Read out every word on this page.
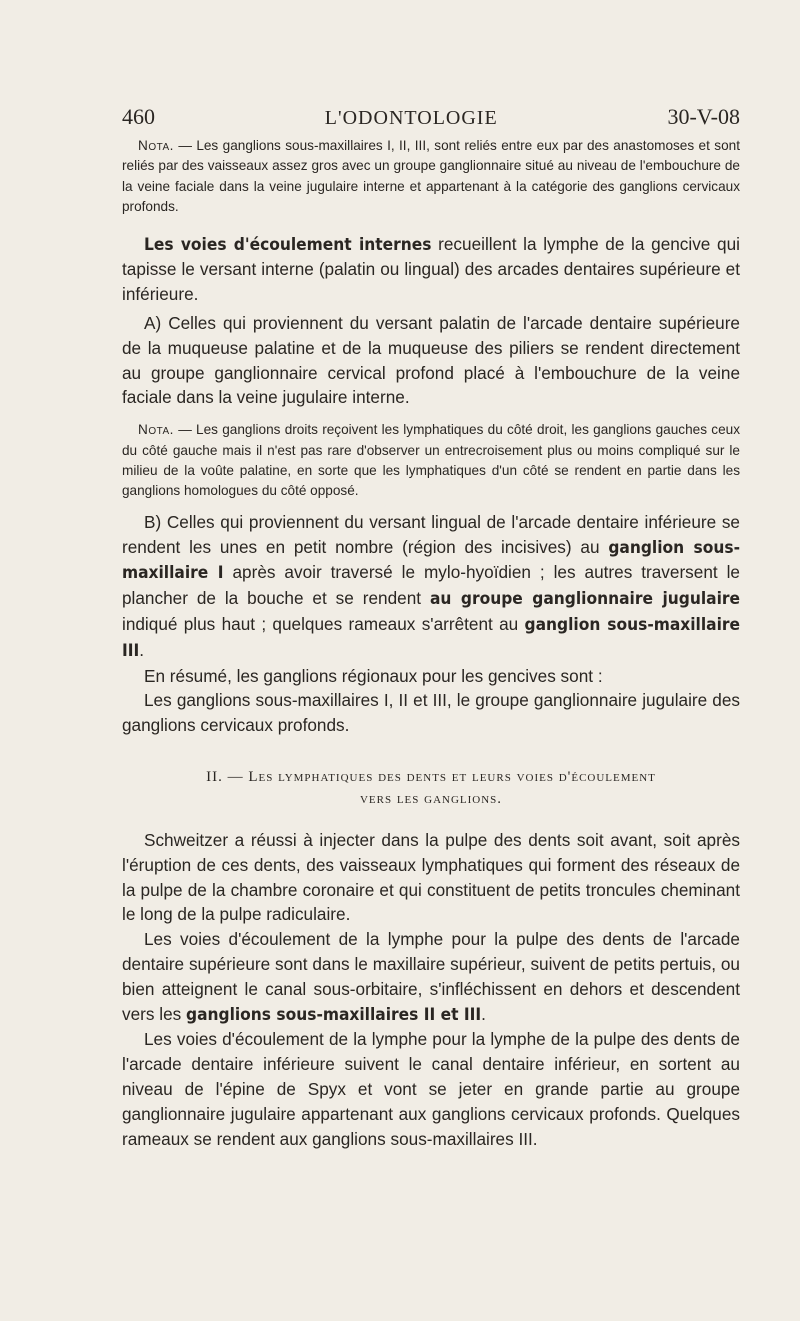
460	L'ODONTOLOGIE	30-V-08

Nota. — Les ganglions sous-maxillaires I, II, III, sont reliés entre eux par des anastomoses et sont reliés par des vaisseaux assez gros avec un groupe ganglionnaire situé au niveau de l'embouchure de la veine faciale dans la veine jugulaire interne et appartenant à la catégorie des ganglions cervicaux profonds.

Les voies d'écoulement internes recueillent la lymphe de la gencive qui tapisse le versant interne (palatin ou lingual) des arcades dentaires supérieure et inférieure.

A) Celles qui proviennent du versant palatin de l'arcade dentaire supérieure de la muqueuse palatine et de la muqueuse des piliers se rendent directement au groupe ganglionnaire cervical profond placé à l'embouchure de la veine faciale dans la veine jugulaire interne.

Nota. — Les ganglions droits reçoivent les lymphatiques du côté droit, les ganglions gauches ceux du côté gauche mais il n'est pas rare d'observer un entrecroisement plus ou moins compliqué sur le milieu de la voûte palatine, en sorte que les lymphatiques d'un côté se rendent en partie dans les ganglions homologues du côté opposé.

B) Celles qui proviennent du versant lingual de l'arcade dentaire inférieure se rendent les unes en petit nombre (région des incisives) au ganglion sous-maxillaire I après avoir traversé le mylo-hyoïdien ; les autres traversent le plancher de la bouche et se rendent au groupe ganglionnaire jugulaire indiqué plus haut ; quelques rameaux s'arrêtent au ganglion sous-maxillaire III.

En résumé, les ganglions régionaux pour les gencives sont :

Les ganglions sous-maxillaires I, II et III, le groupe ganglionnaire jugulaire des ganglions cervicaux profonds.

II. — Les lymphatiques des dents et leurs voies d'écoulement
vers les ganglions.

Schweitzer a réussi à injecter dans la pulpe des dents soit avant, soit après l'éruption de ces dents, des vaisseaux lymphatiques qui forment des réseaux de la pulpe de la chambre coronaire et qui constituent de petits troncules cheminant le long de la pulpe radiculaire.

Les voies d'écoulement de la lymphe pour la pulpe des dents de l'arcade dentaire supérieure sont dans le maxillaire supérieur, suivent de petits pertuis, ou bien atteignent le canal sous-orbitaire, s'infléchissent en dehors et descendent vers les ganglions sous-maxillaires II et III.

Les voies d'écoulement de la lymphe pour la lymphe de la pulpe des dents de l'arcade dentaire inférieure suivent le canal dentaire inférieur, en sortent au niveau de l'épine de Spyx et vont se jeter en grande partie au groupe ganglionnaire jugulaire appartenant aux ganglions cervicaux profonds. Quelques rameaux se rendent aux ganglions sous-maxillaires III.
